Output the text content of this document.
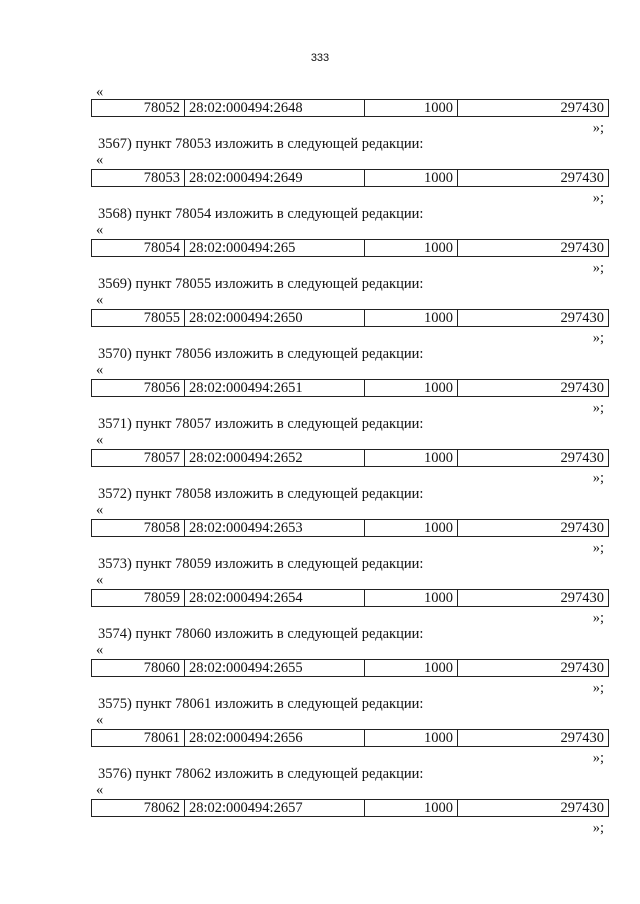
333
«
78052 28:02:000494:2648	1000	297430
»;
3567) пункт 78053 изложить в следующей редакции:
«
78053 28:02:000494:2649	1000	297430
»;
3568) пункт 78054 изложить в следующей редакции:
«
78054 28:02:000494:265	1000	297430
»;
3569) пункт 78055 изложить в следующей редакции:
«
78055 28:02:000494:2650	1000	297430
»;
3570) пункт 78056 изложить в следующей редакции:
«
78056 28:02:000494:2651	1000	297430
»;
3571) пункт 78057 изложить в следующей редакции:
«
78057 28:02:000494:2652	1000	297430
»;
3572) пункт 78058 изложить в следующей редакции:
«
78058 28:02:000494:2653	1000	297430
»;
3573) пункт 78059 изложить в следующей редакции:
«
78059 28:02:000494:2654	1000	297430
»;
3574) пункт 78060 изложить в следующей редакции:
«
78060 28:02:000494:2655	1000	297430
»;
3575) пункт 78061 изложить в следующей редакции:
«
78061 28:02:000494:2656	1000	297430
»;
3576) пункт 78062 изложить в следующей редакции:
«
78062 28:02:000494:2657	1000	297430
»;
